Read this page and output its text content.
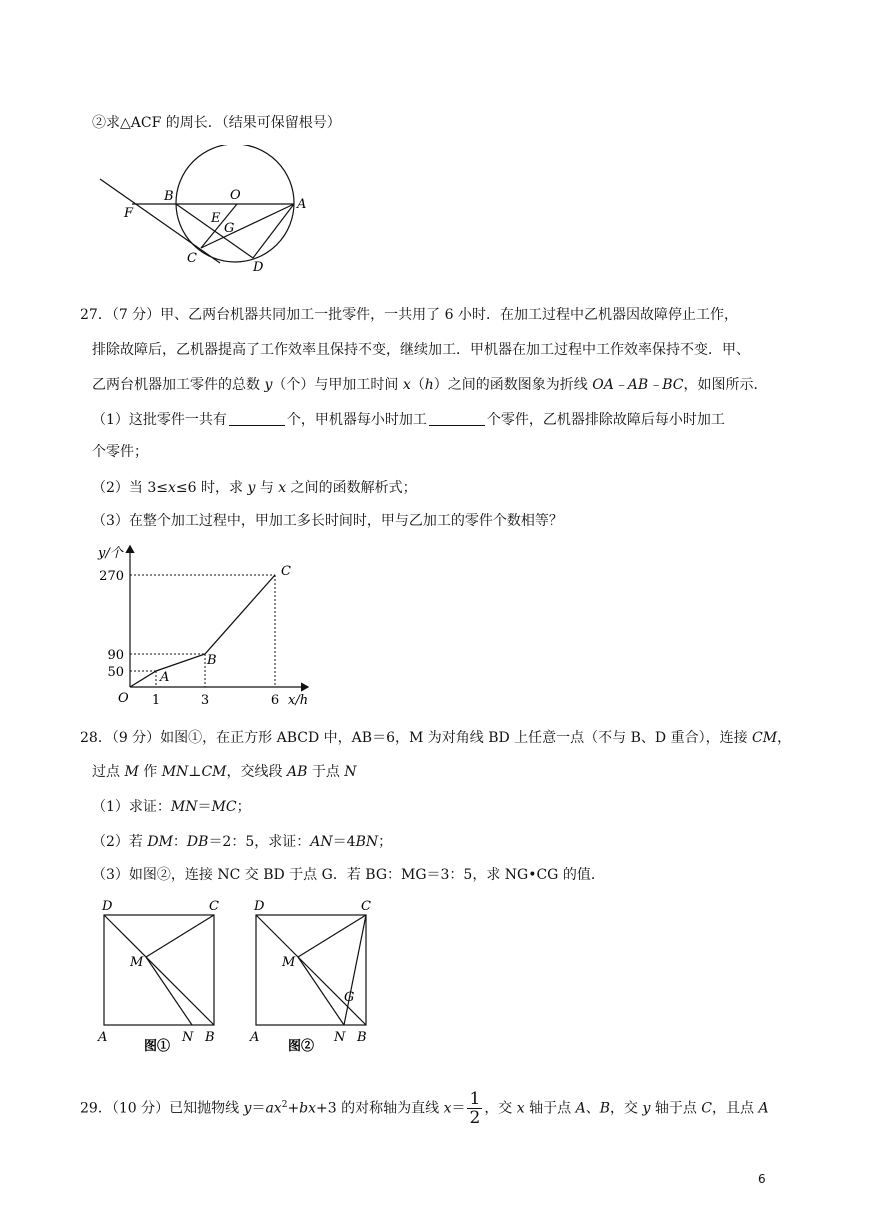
②求△ACF 的周长．（结果可保留根号）
B	O
A
F	E
G
C
D
27．（7 分）甲、乙两台机器共同加工一批零件，一共用了 6 小时．在加工过程中乙机器因故障停止工作，
排除故障后，乙机器提高了工作效率且保持不变，继续加工．甲机器在加工过程中工作效率保持不变．甲、
乙两台机器加工零件的总数 y（个）与甲加工时间 x（h）之间的函数图象为折线 OA﹣AB﹣BC，如图所示．
（1）这批零件一共有	个，甲机器每小时加工	个零件，乙机器排除故障后每小时加工
个零件；
（2）当 3≤x≤6 时，求 y 与 x 之间的函数解析式；
（3）在整个加工过程中，甲加工多长时间时，甲与乙加工的零件个数相等？
y/个
x/h
O
50
90
270
1	3	6
A
B
C
28．（9 分）如图①，在正方形 ABCD 中，AB＝6，M 为对角线 BD 上任意一点（不与 B、D 重合），连接 CM，
过点 M 作 MN⊥CM，交线段 AB 于点 N
（1）求证：MN＝MC；
（2）若 DM：DB＝2：5，求证：AN＝4BN；
（3）如图②，连接 NC 交 BD 于点 G．若 BG：MG＝3：5，求 NG•CG 的值．
D	C
M
A	N B
图①
D	C
M
G
A	N B
图②
29．（10 分）已知抛物线 $y=ax^2+bx+3$ 的对称轴为直线 $x= \frac{1}{2}$ ，交 x 轴于点 A、B，交 y 轴于点 C，且点 A
6
